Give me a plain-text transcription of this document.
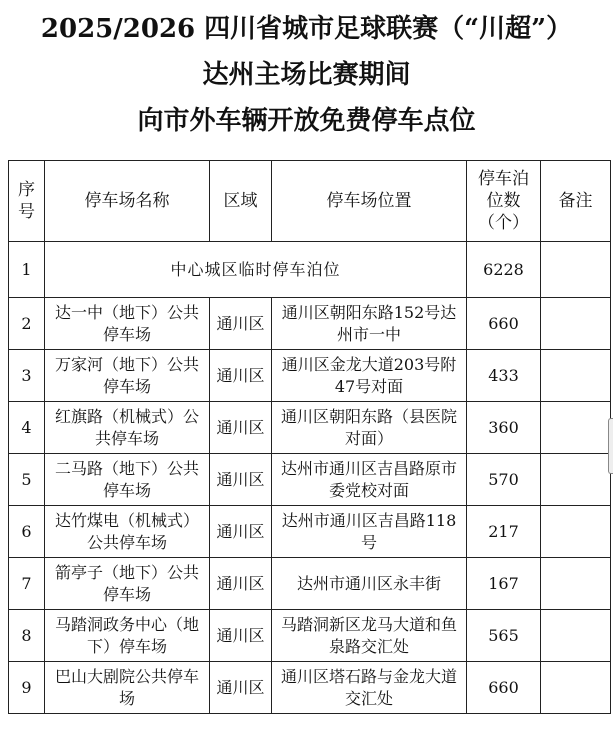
2025/2026 四川省城市足球联赛（“川超”）
达州主场比赛期间
向市外车辆开放免费停车点位
序号	停车场名称	区域	停车场位置	停车泊位数（个）	备注
1	中心城区临时停车泊位			6228	
2	达一中（地下）公共停车场	通川区	通川区朝阳东路152号达州市一中	660	
3	万家河（地下）公共停车场	通川区	通川区金龙大道203号附47号对面	433	
4	红旗路（机械式）公共停车场	通川区	通川区朝阳东路（县医院对面）	360	
5	二马路（地下）公共停车场	通川区	达州市通川区吉昌路原市委党校对面	570	
6	达竹煤电（机械式）公共停车场	通川区	达州市通川区吉昌路118号	217	
7	箭亭子（地下）公共停车场	通川区	达州市通川区永丰街	167	
8	马踏洞政务中心（地下）停车场	通川区	马踏洞新区龙马大道和鱼泉路交汇处	565	
9	巴山大剧院公共停车场	通川区	通川区塔石路与金龙大道交汇处	660	
